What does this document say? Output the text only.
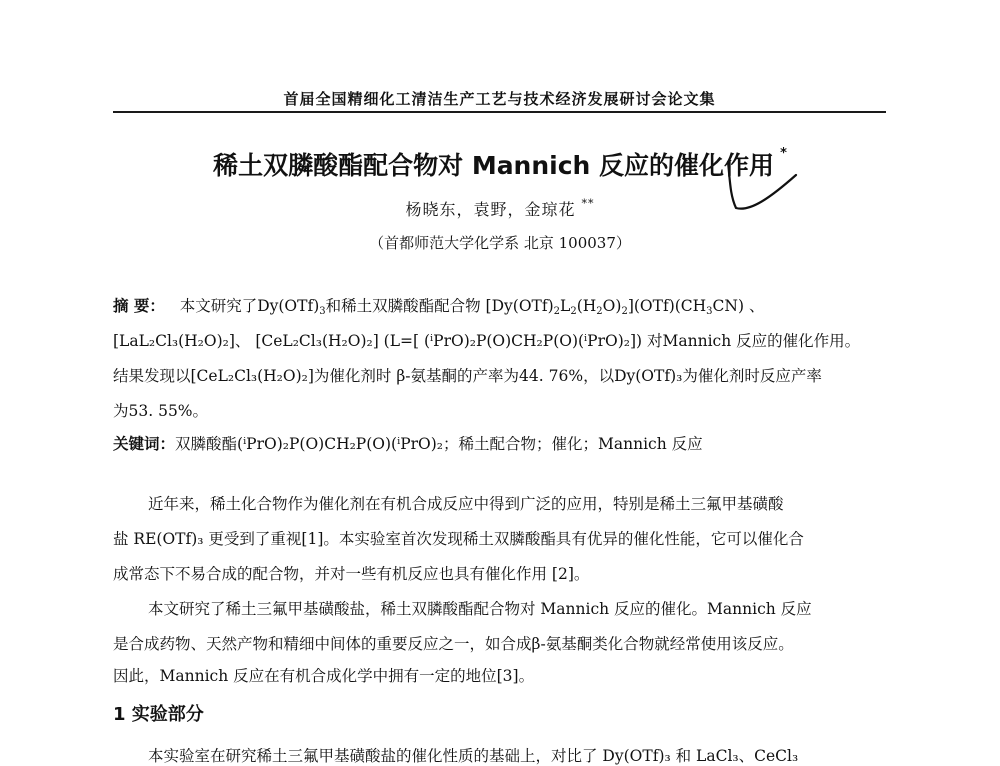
首届全国精细化工清洁生产工艺与技术经济发展研讨会论文集
稀土双膦酸酯配合物对 Mannich 反应的催化作用 *
杨晓东，袁野，金琼花 **
（首都师范大学化学系 北京 100037）
摘 要： 本文研究了$Dy(OTf)_3$和稀土双膦酸酯配合物 $[Dy(OTf)_2L_2(H_2O)_2](OTf)(CH_3CN)$ 、
[LaL₂Cl₃(H₂O)₂]、 [CeL₂Cl₃(H₂O)₂] (L=[ (ⁱPrO)₂P(O)CH₂P(O)(ⁱPrO)₂]) 对Mannich 反应的催化作用。
结果发现以[CeL₂Cl₃(H₂O)₂]为催化剂时 β-氨基酮的产率为44. 76%，以Dy(OTf)₃为催化剂时反应产率
为53. 55%。
关键词：双膦酸酯(ⁱPrO)₂P(O)CH₂P(O)(ⁱPrO)₂；稀土配合物；催化；Mannich 反应
近年来，稀土化合物作为催化剂在有机合成反应中得到广泛的应用，特别是稀土三氟甲基磺酸
盐 RE(OTf)₃ 更受到了重视[1]。本实验室首次发现稀土双膦酸酯具有优异的催化性能，它可以催化合
成常态下不易合成的配合物，并对一些有机反应也具有催化作用 [2]。
本文研究了稀土三氟甲基磺酸盐，稀土双膦酸酯配合物对 Mannich 反应的催化。Mannich 反应
是合成药物、天然产物和精细中间体的重要反应之一，如合成β-氨基酮类化合物就经常使用该反应。
因此，Mannich 反应在有机合成化学中拥有一定的地位[3]。
1 实验部分
本实验室在研究稀土三氟甲基磺酸盐的催化性质的基础上，对比了 Dy(OTf)₃ 和 LaCl₃、CeCl₃
